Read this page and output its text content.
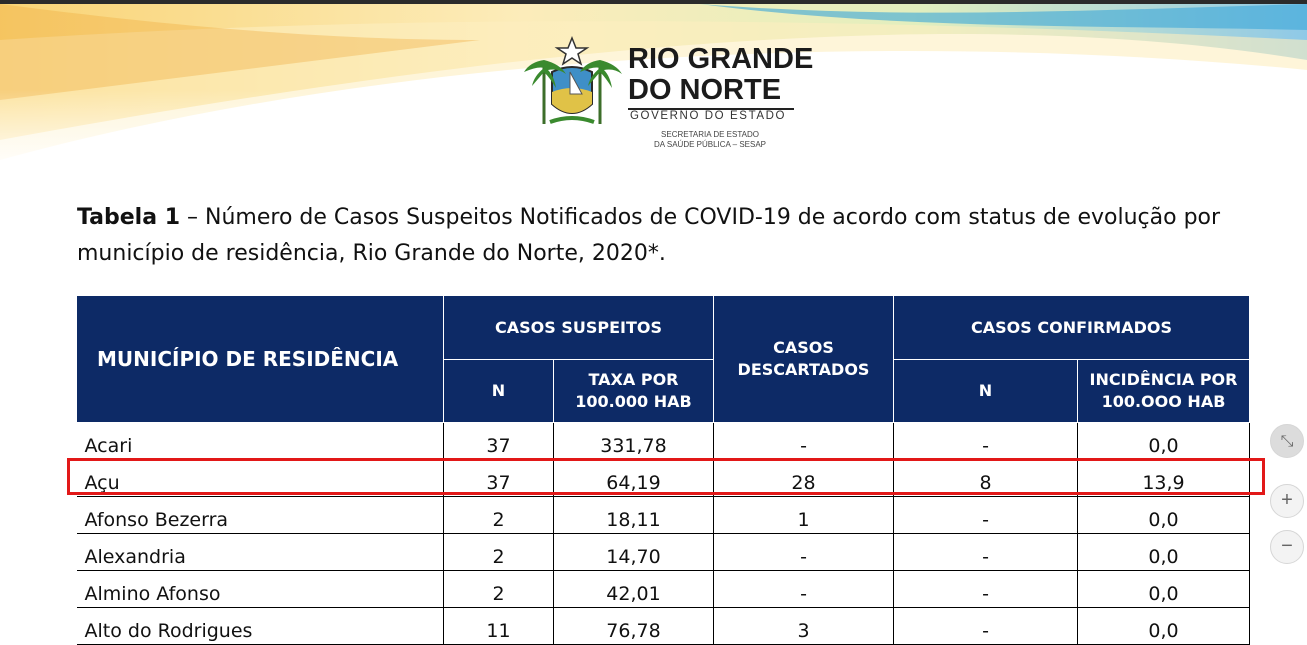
RIO GRANDE
DO NORTE
GOVERNO DO ESTADO
SECRETARIA DE ESTADO
DA SAÚDE PÚBLICA – SESAP
Tabela 1 – Número de Casos Suspeitos Notificados de COVID-19 de acordo com status de evolução por município de residência, Rio Grande do Norte, 2020*.
MUNICÍPIO DE RESIDÊNCIA	CASOS SUSPEITOS		CASOS DESCARTADOS	CASOS CONFIRMADOS	
	N	TAXA POR 100.000 HAB		N	INCIDÊNCIA POR 100.OOO HAB
Acari	37	331,78	-	-	0,0
Açu	37	64,19	28	8	13,9
Afonso Bezerra	2	18,11	1	-	0,0
Alexandria	2	14,70	-	-	0,0
Almino Afonso	2	42,01	-	-	0,0
Alto do Rodrigues	11	76,78	3	-	0,0
⤡
+
−
